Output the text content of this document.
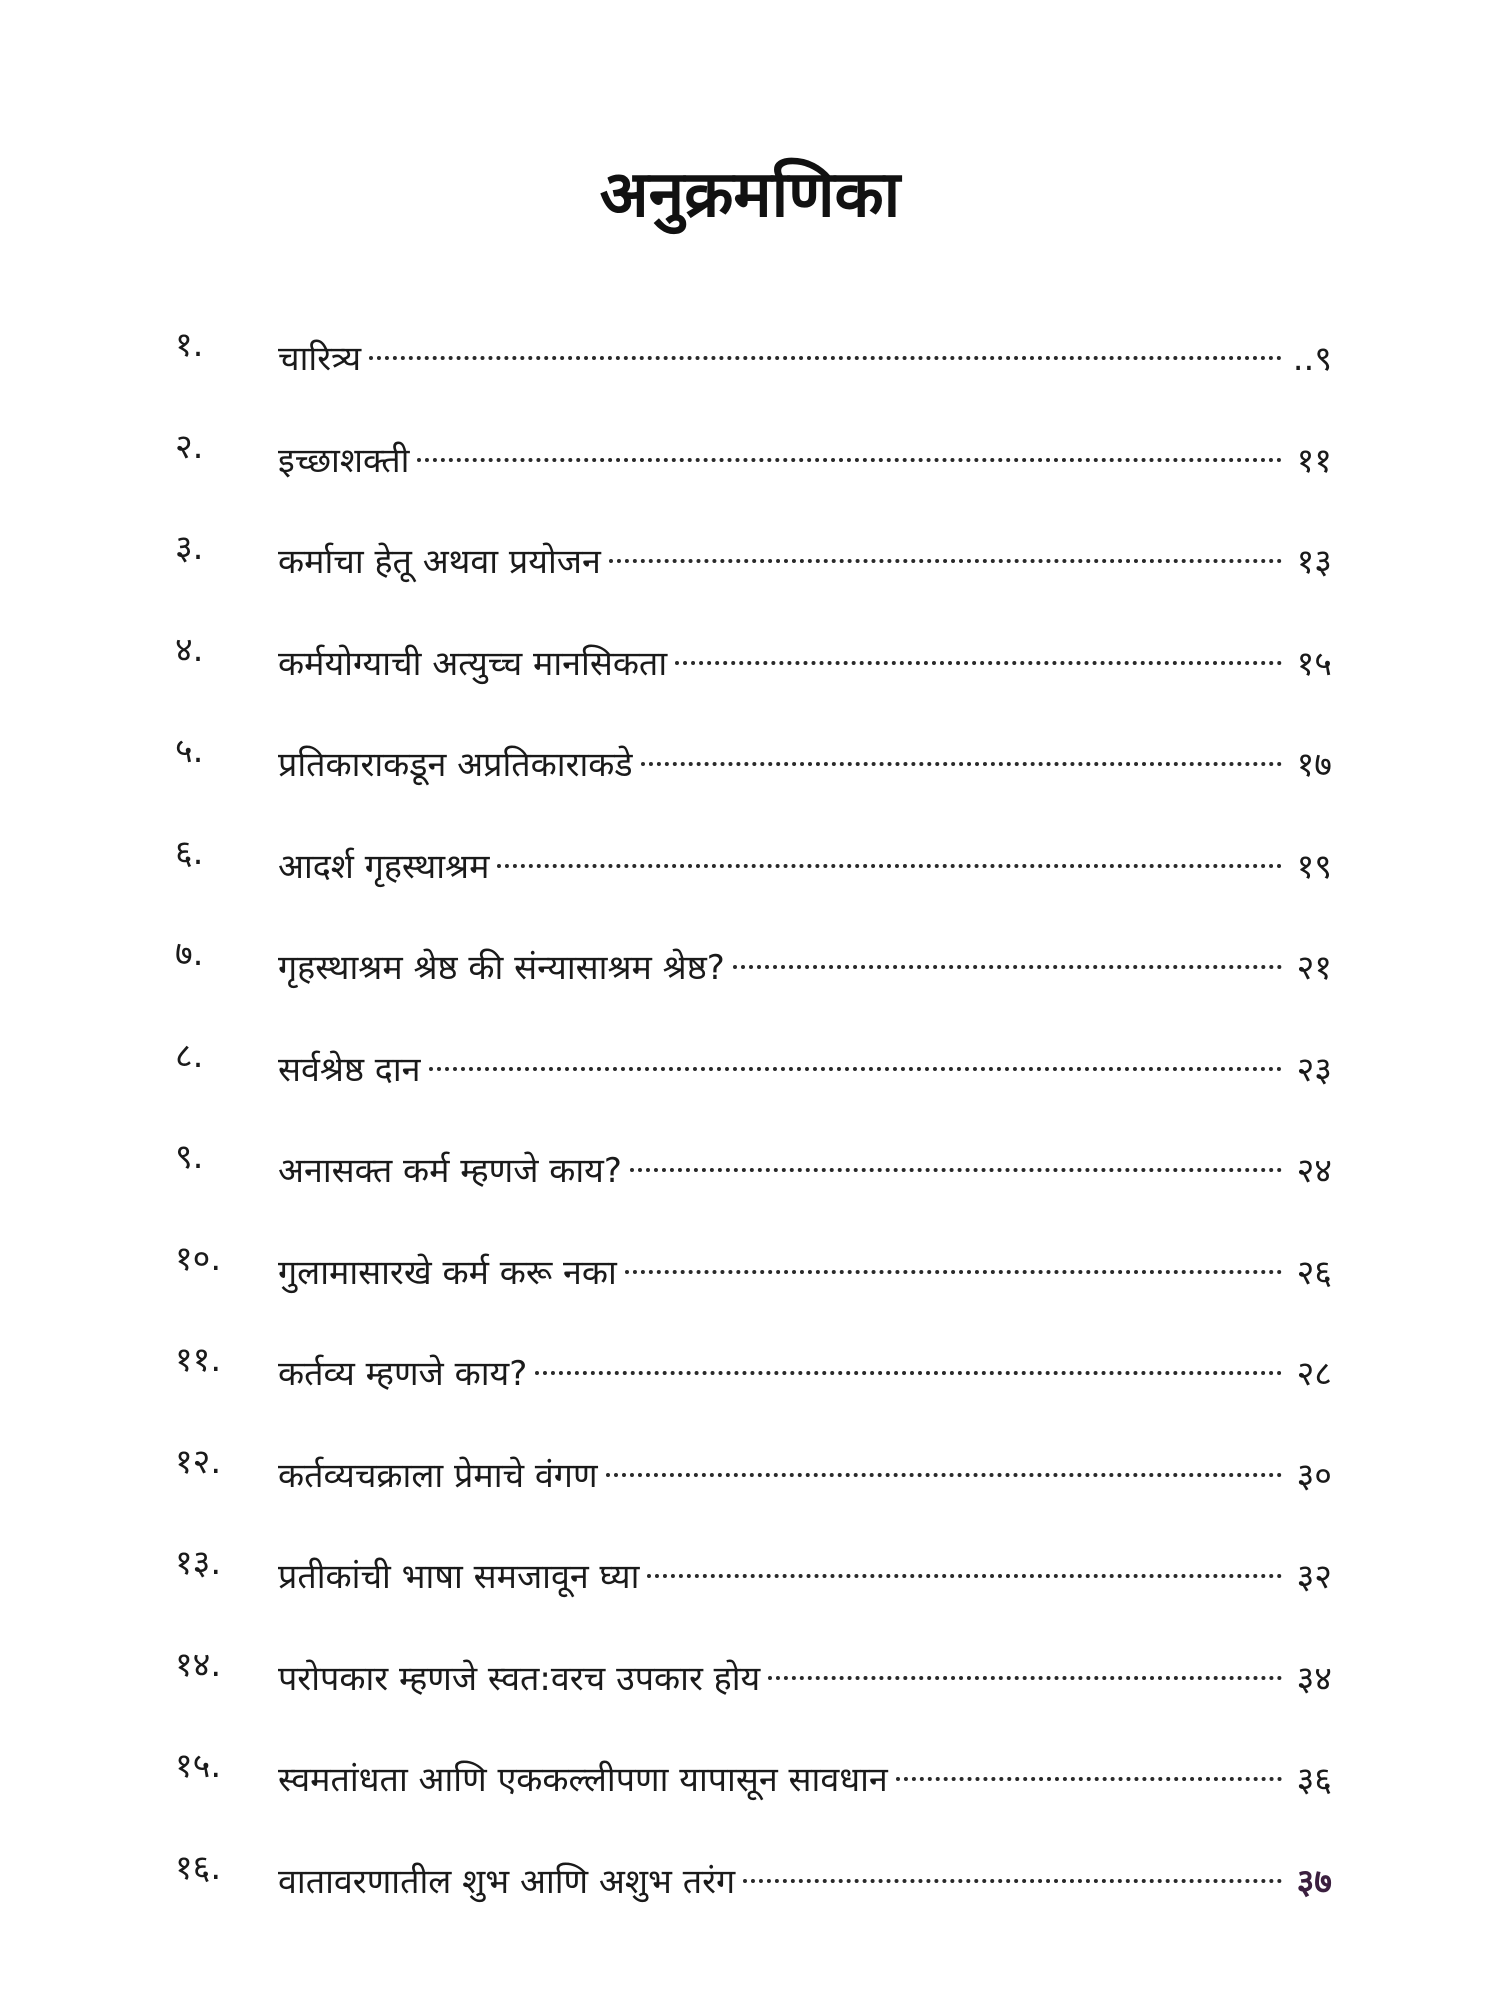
अनुक्रमणिका
१.	चारित्र्य	..९
२.	इच्छाशक्ती	११
३.	कर्माचा हेतू अथवा प्रयोजन	१३
४.	कर्मयोग्याची अत्युच्च मानसिकता	१५
५.	प्रतिकाराकडून अप्रतिकाराकडे	१७
६.	आदर्श गृहस्थाश्रम	१९
७.	गृहस्थाश्रम श्रेष्ठ की संन्यासाश्रम श्रेष्ठ?	२१
८.	सर्वश्रेष्ठ दान	२३
९.	अनासक्त कर्म म्हणजे काय?	२४
१०.	गुलामासारखे कर्म करू नका	२६
११.	कर्तव्य म्हणजे काय?	२८
१२.	कर्तव्यचक्राला प्रेमाचे वंगण	३०
१३.	प्रतीकांची भाषा समजावून घ्या	३२
१४.	परोपकार म्हणजे स्वत:वरच उपकार होय	३४
१५.	स्वमतांधता आणि एककल्लीपणा यापासून सावधान	३६
१६.	वातावरणातील शुभ आणि अशुभ तरंग	३७
